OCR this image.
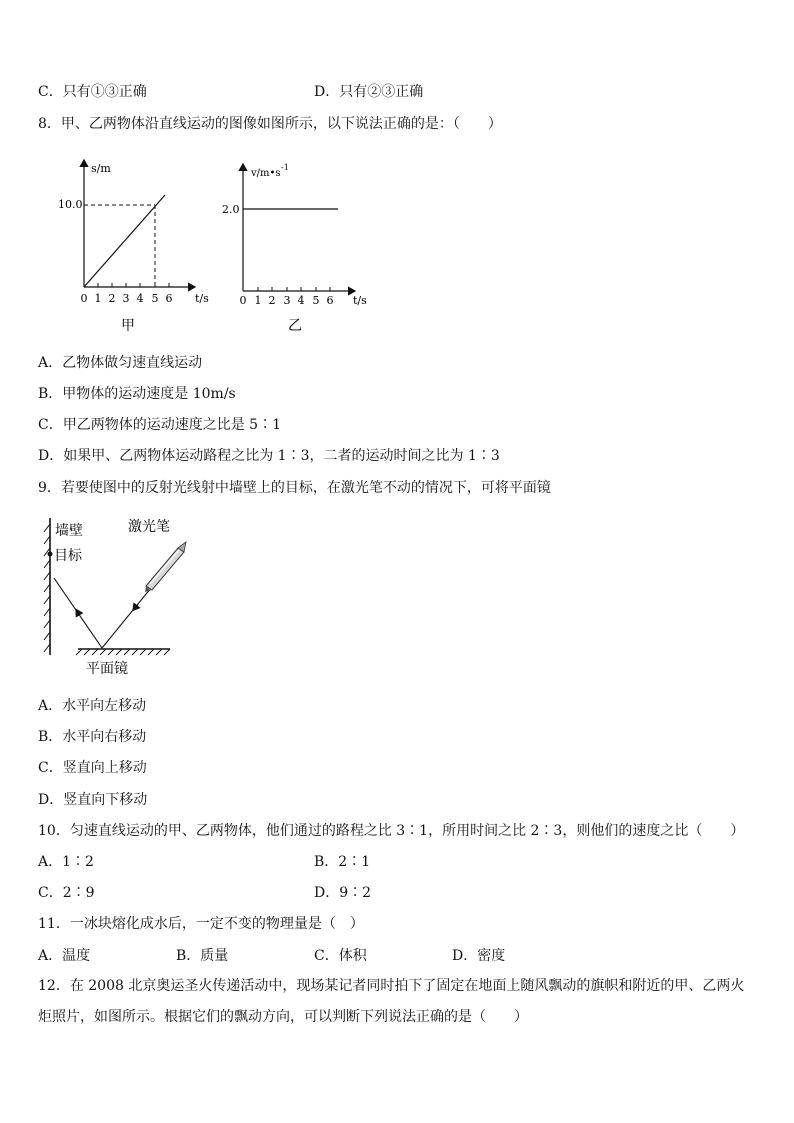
C．只有①③正确	D．只有②③正确
8．甲、乙两物体沿直线运动的图像如图所示，以下说法正确的是：（　　）
s/m
10.0
0 1 2 3 4 5 6 t/s
甲
v/m•s
-1
2.0
0 1 2 3 4 5 6 t/s
乙
A．乙物体做匀速直线运动
B．甲物体的运动速度是 10m/s
C．甲乙两物体的运动速度之比是 5∶1
D．如果甲、乙两物体运动路程之比为 1∶3，二者的运动时间之比为 1∶3
9．若要使图中的反射光线射中墙壁上的目标，在激光笔不动的情况下，可将平面镜
墙壁
目标
激光笔
平面镜
A．水平向左移动
B．水平向右移动
C．竖直向上移动
D．竖直向下移动
10．匀速直线运动的甲、乙两物体，他们通过的路程之比 3∶1，所用时间之比 2∶3，则他们的速度之比（　　）
A．1∶2	B．2∶1
C．2∶9	D．9∶2
11．一冰块熔化成水后，一定不变的物理量是（　）
A．温度	B．质量	C．体积	D．密度
12．在 2008 北京奥运圣火传递活动中，现场某记者同时拍下了固定在地面上随风飘动的旗帜和附近的甲、乙两火炬照片，如图所示。根据它们的飘动方向，可以判断下列说法正确的是（　　）
